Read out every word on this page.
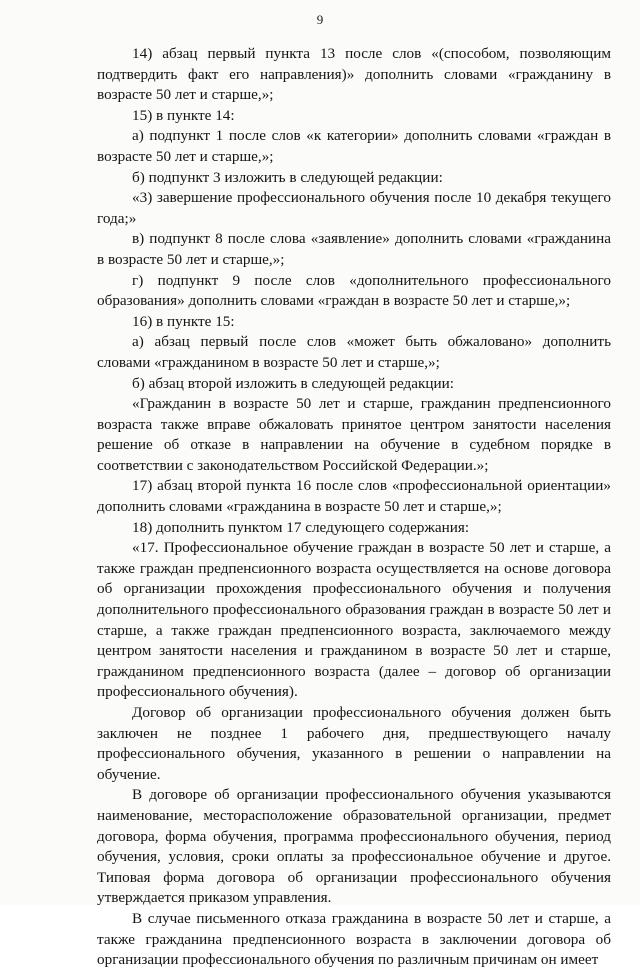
9

14) абзац первый пункта 13 после слов «(способом, позволяющим подтвердить факт его направления)» дополнить словами «гражданину в возрасте 50 лет и старше,»;

15) в пункте 14:

а) подпункт 1 после слов «к категории» дополнить словами «граждан в возрасте 50 лет и старше,»;

б) подпункт 3 изложить в следующей редакции:

«3) завершение профессионального обучения после 10 декабря текущего года;»

в) подпункт 8 после слова «заявление» дополнить словами «гражданина в возрасте 50 лет и старше,»;

г) подпункт 9 после слов «дополнительного профессионального образования» дополнить словами «граждан в возрасте 50 лет и старше,»;

16) в пункте 15:

а) абзац первый после слов «может быть обжаловано» дополнить словами «гражданином в возрасте 50 лет и старше,»;

б) абзац второй изложить в следующей редакции:

«Гражданин в возрасте 50 лет и старше, гражданин предпенсионного возраста также вправе обжаловать принятое центром занятости населения решение об отказе в направлении на обучение в судебном порядке в соответствии с законодательством Российской Федерации.»;

17) абзац второй пункта 16 после слов «профессиональной ориентации» дополнить словами «гражданина в возрасте 50 лет и старше,»;

18) дополнить пунктом 17 следующего содержания:

«17. Профессиональное обучение граждан в возрасте 50 лет и старше, а также граждан предпенсионного возраста осуществляется на основе договора об организации прохождения профессионального обучения и получения дополнительного профессионального образования граждан в возрасте 50 лет и старше, а также граждан предпенсионного возраста, заключаемого между центром занятости населения и гражданином в возрасте 50 лет и старше, гражданином предпенсионного возраста (далее – договор об организации профессионального обучения).

Договор об организации профессионального обучения должен быть заключен не позднее 1 рабочего дня, предшествующего началу профессионального обучения, указанного в решении о направлении на обучение.

В договоре об организации профессионального обучения указываются наименование, месторасположение образовательной организации, предмет договора, форма обучения, программа профессионального обучения, период обучения, условия, сроки оплаты за профессиональное обучение и другое. Типовая форма договора об организации профессионального обучения утверждается приказом управления.

В случае письменного отказа гражданина в возрасте 50 лет и старше, а также гражданина предпенсионного возраста в заключении договора об организации профессионального обучения по различным причинам он имеет
